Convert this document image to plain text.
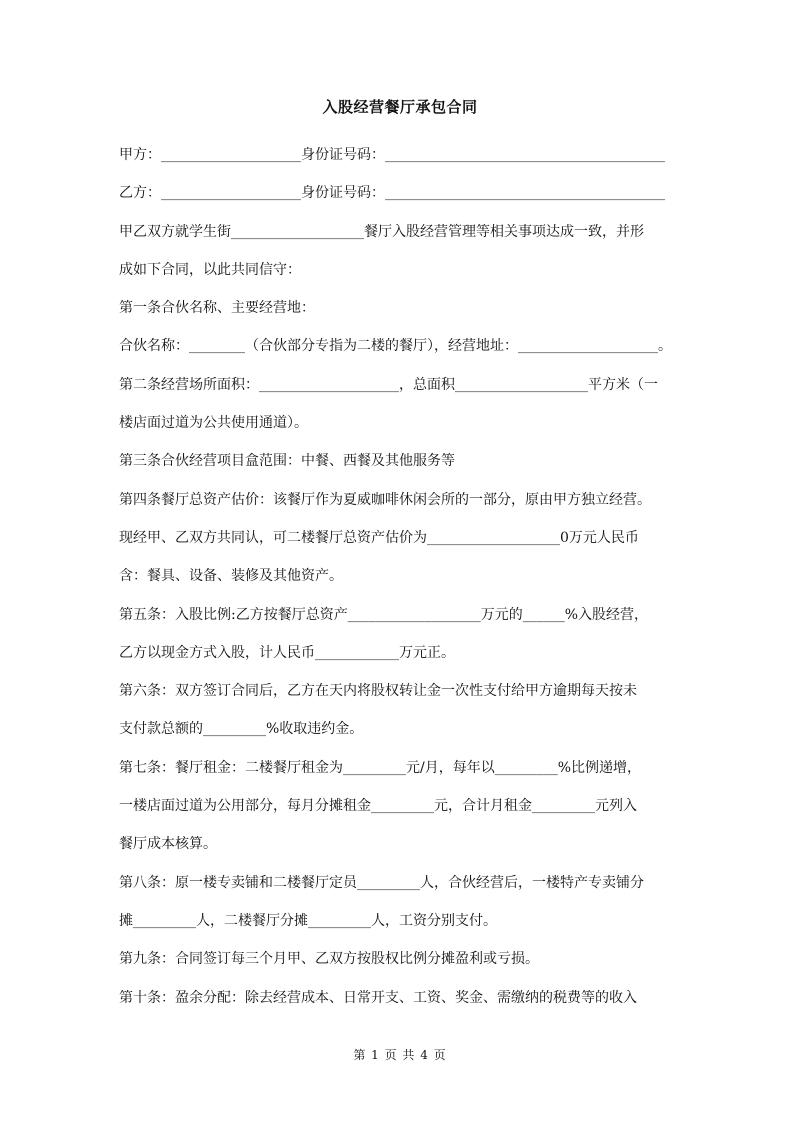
入股经营餐厅承包合同
甲方：____________________身份证号码：________________________________________
乙方：____________________身份证号码：________________________________________
甲乙双方就学生街___________________餐厅入股经营管理等相关事项达成一致，并形
成如下合同，以此共同信守：
第一条合伙名称、主要经营地：
合伙名称：________（合伙部分专指为二楼的餐厅），经营地址：____________________。
第二条经营场所面积：____________________，总面积___________________平方米（一
楼店面过道为公共使用通道）。
第三条合伙经营项目盒范围：中餐、西餐及其他服务等
第四条餐厅总资产估价：该餐厅作为夏威咖啡休闲会所的一部分，原由甲方独立经营。
现经甲、乙双方共同认，可二楼餐厅总资产估价为___________________0万元人民币
含：餐具、设备、装修及其他资产。
第五条：入股比例:乙方按餐厅总资产___________________万元的______%入股经营，
乙方以现金方式入股，计人民币____________万元正。
第六条：双方签订合同后，乙方在天内将股权转让金一次性支付给甲方逾期每天按未
支付款总额的_________%收取违约金。
第七条：餐厅租金：二楼餐厅租金为_________元/月，每年以_________%比例递增，
一楼店面过道为公用部分，每月分摊租金_________元，合计月租金_________元列入
餐厅成本核算。
第八条：原一楼专卖铺和二楼餐厅定员_________人，合伙经营后，一楼特产专卖铺分
摊_________人，二楼餐厅分摊_________人，工资分别支付。
第九条：合同签订每三个月甲、乙双方按股权比例分摊盈利或亏损。
第十条：盈余分配：除去经营成本、日常开支、工资、奖金、需缴纳的税费等的收入
第 1 页 共 4 页
